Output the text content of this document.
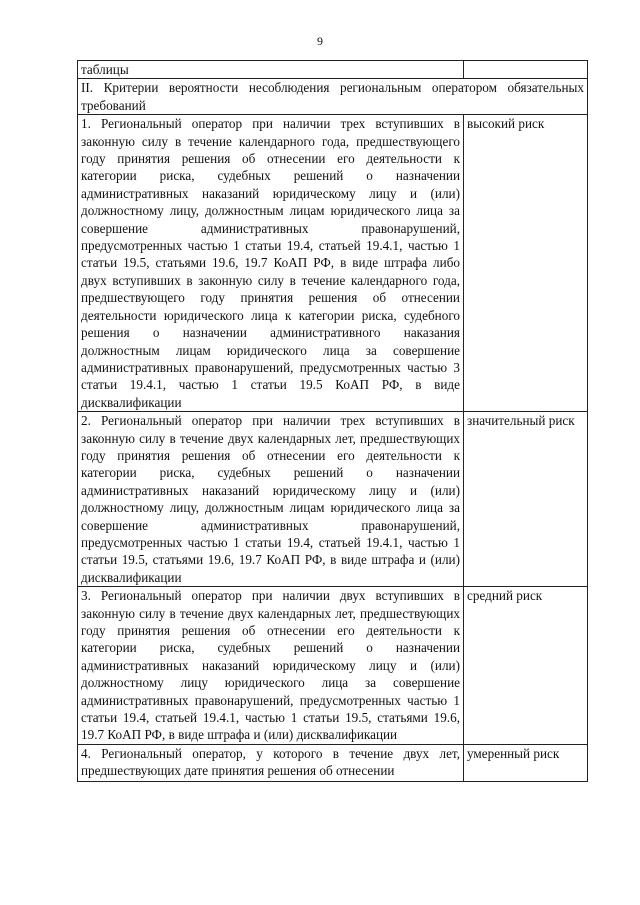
9
таблицы	
II. Критерии вероятности несоблюдения региональным оператором обязательных требований	
1. Региональный оператор при наличии трех вступивших в законную силу в течение календарного года, предшествующего году принятия решения об отнесении его деятельности к категории риска, судебных решений о назначении административных наказаний юридическому лицу и (или) должностному лицу, должностным лицам юридического лица за совершение административных правонарушений, предусмотренных частью 1 статьи 19.4, статьей 19.4.1, частью 1 статьи 19.5, статьями 19.6, 19.7 КоАП РФ, в виде штрафа либо двух вступивших в законную силу в течение календарного года, предшествующего году принятия решения об отнесении деятельности юридического лица к категории риска, судебного решения о назначении административного наказания должностным лицам юридического лица за совершение административных правонарушений, предусмотренных частью 3 статьи 19.4.1, частью 1 статьи 19.5 КоАП РФ, в виде дисквалификации	высокий риск
2. Региональный оператор при наличии трех вступивших в законную силу в течение двух календарных лет, предшествующих году принятия решения об отнесении его деятельности к категории риска, судебных решений о назначении административных наказаний юридическому лицу и (или) должностному лицу, должностным лицам юридического лица за совершение административных правонарушений, предусмотренных частью 1 статьи 19.4, статьей 19.4.1, частью 1 статьи 19.5, статьями 19.6, 19.7 КоАП РФ, в виде штрафа и (или) дисквалификации	значительный риск
3. Региональный оператор при наличии двух вступивших в законную силу в течение двух календарных лет, предшествующих году принятия решения об отнесении его деятельности к категории риска, судебных решений о назначении административных наказаний юридическому лицу и (или) должностному лицу юридического лица за совершение административных правонарушений, предусмотренных частью 1 статьи 19.4, статьей 19.4.1, частью 1 статьи 19.5, статьями 19.6, 19.7 КоАП РФ, в виде штрафа и (или) дисквалификации	средний риск

4. Региональный оператор, у которого в течение двух лет, предшествующих дате принятия решения об отнесении	умеренный риск
